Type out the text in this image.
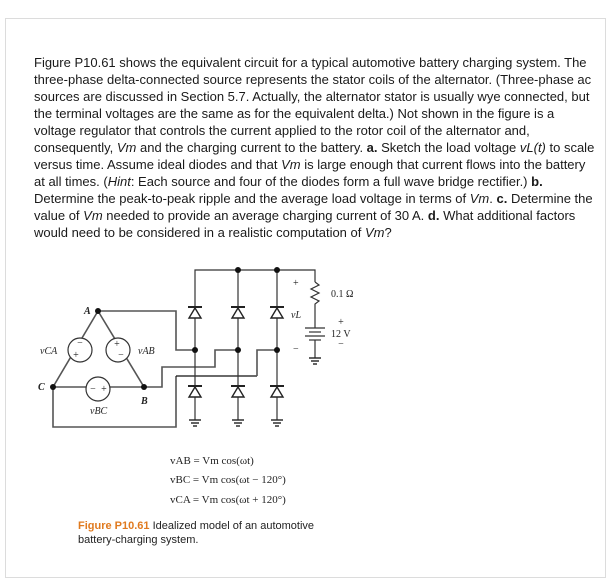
Figure P10.61 shows the equivalent circuit for a typical automotive battery charging system. The three-phase delta-connected source represents the stator coils of the alternator. (Three-phase ac sources are discussed in Section 5.7. Actually, the alternator stator is usually wye connected, but the terminal voltages are the same as for the equivalent delta.) Not shown in the figure is a voltage regulator that controls the current applied to the rotor coil of the alternator and, consequently, Vm and the charging current to the battery. a. Sketch the load voltage vL(t) to scale versus time. Assume ideal diodes and that Vm is large enough that current flows into the battery at all times. (Hint: Each source and four of the diodes form a full wave bridge rectifier.) b. Determine the peak-to-peak ripple and the average load voltage in terms of Vm. c. Determine the value of Vm needed to provide an average charging current of 30 A. d. What additional factors would need to be considered in a realistic computation of Vm?

−
+
+
−
− +
+
−
+
−
A
C
B
vCA	vAB
vBC
vL
0.1 Ω
12 V
vAB = Vm cos(ωt)
vBC = Vm cos(ωt − 120°)
vCA = Vm cos(ωt + 120°)
Figure P10.61 Idealized model of an automotive battery-charging system.
